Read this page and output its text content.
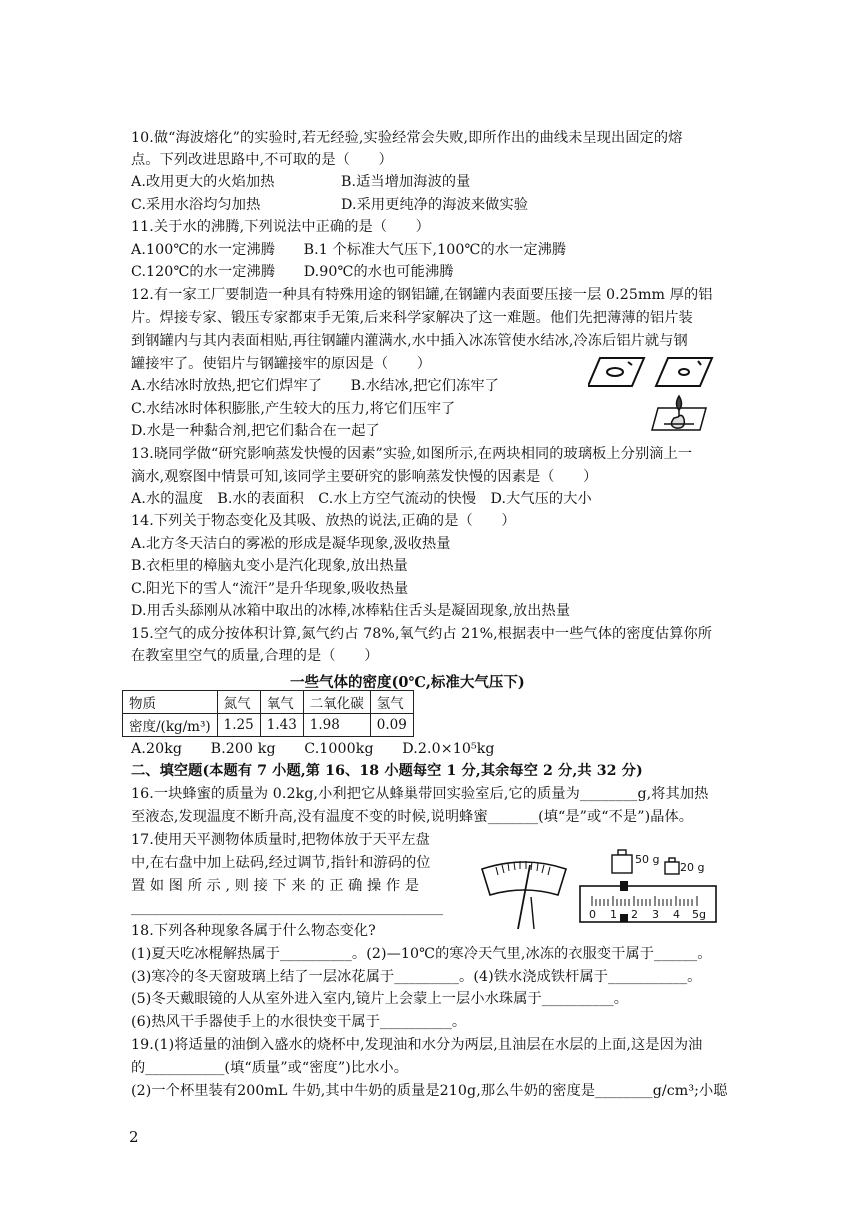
10.做“海波熔化”的实验时,若无经验,实验经常会失败,即所作出的曲线未呈现出固定的熔
点。下列改进思路中,不可取的是（　　）
A.改用更大的火焰加热	B.适当增加海波的量
C.采用水浴均匀加热	D.采用更纯净的海波来做实验
11.关于水的沸腾,下列说法中正确的是（　　）
A.100℃的水一定沸腾　　B.1 个标准大气压下,100℃的水一定沸腾
C.120℃的水一定沸腾　　D.90℃的水也可能沸腾
12.有一家工厂要制造一种具有特殊用途的钢铝罐,在钢罐内表面要压接一层 0.25mm 厚的铝
片。焊接专家、锻压专家都束手无策,后来科学家解决了这一难题。他们先把薄薄的铝片装
到钢罐内与其内表面相贴,再往钢罐内灌满水,水中插入冰冻管使水结冰,冷冻后铝片就与钢
罐接牢了。使铝片与钢罐接牢的原因是（　　）
A.水结冰时放热,把它们焊牢了　　B.水结冰,把它们冻牢了
C.水结冰时体积膨胀,产生较大的压力,将它们压牢了
D.水是一种黏合剂,把它们黏合在一起了
13.晓同学做“研究影响蒸发快慢的因素”实验,如图所示,在两块相同的玻璃板上分别滴上一
滴水,观察图中情景可知,该同学主要研究的影响蒸发快慢的因素是（　　）
A.水的温度　B.水的表面积　C.水上方空气流动的快慢　D.大气压的大小
14.下列关于物态变化及其吸、放热的说法,正确的是（　　）
A.北方冬天洁白的雾凇的形成是凝华现象,汲收热量
B.衣柜里的樟脑丸变小是汽化现象,放出热量
C.阳光下的雪人“流汗”是升华现象,吸收热量
D.用舌头舔刚从冰箱中取出的冰棒,冰棒粘住舌头是凝固现象,放出热量
15.空气的成分按体积计算,氮气约占 78%,氧气约占 21%,根据表中一些气体的密度估算你所
在教室里空气的质量,合理的是（　　）
一些气体的密度(0℃,标准大气压下)
物质	氮气	氧气	二氧化碳	氢气
密度/(kg/m³)	1.25	1.43	1.98	0.09
A.20kg　　B.200 kg　　C.1000kg　　D.2.0×10⁵kg
二、填空题(本题有 7 小题,第 16、18 小题每空 1 分,其余每空 2 分,共 32 分)
16.一块蜂蜜的质量为 0.2kg,小利把它从蜂巢带回实验室后,它的质量为________g,将其加热
至液态,发现温度不断升高,没有温度不变的时候,说明蜂蜜_______(填“是”或“不是”)晶体。
17.使用天平测物体质量时,把物体放于天平左盘
中,在右盘中加上砝码,经过调节,指针和游码的位
置 如 图 所 示 , 则 接 下 来 的 正 确 操 作 是
____________________________________________
50 g
20 g
0 1 2 3 4 5g
18.下列各种现象各属于什么物态变化?
(1)夏天吃冰棍解热属于__________。(2)—10℃的寒冷天气里,冰冻的衣服变干属于______。
(3)寒冷的冬天窗玻璃上结了一层冰花属于_________。(4)铁水浇成铁杆属于___________。
(5)冬天戴眼镜的人从室外进入室内,镜片上会蒙上一层小水珠属于__________。
(6)热风干手器使手上的水很快变干属于__________。
19.(1)将适量的油倒入盛水的烧杯中,发现油和水分为两层,且油层在水层的上面,这是因为油
的___________(填“质量”或“密度”)比水小。
(2)一个杯里装有200mL 牛奶,其中牛奶的质量是210g,那么牛奶的密度是________g/cm³;小聪
2
